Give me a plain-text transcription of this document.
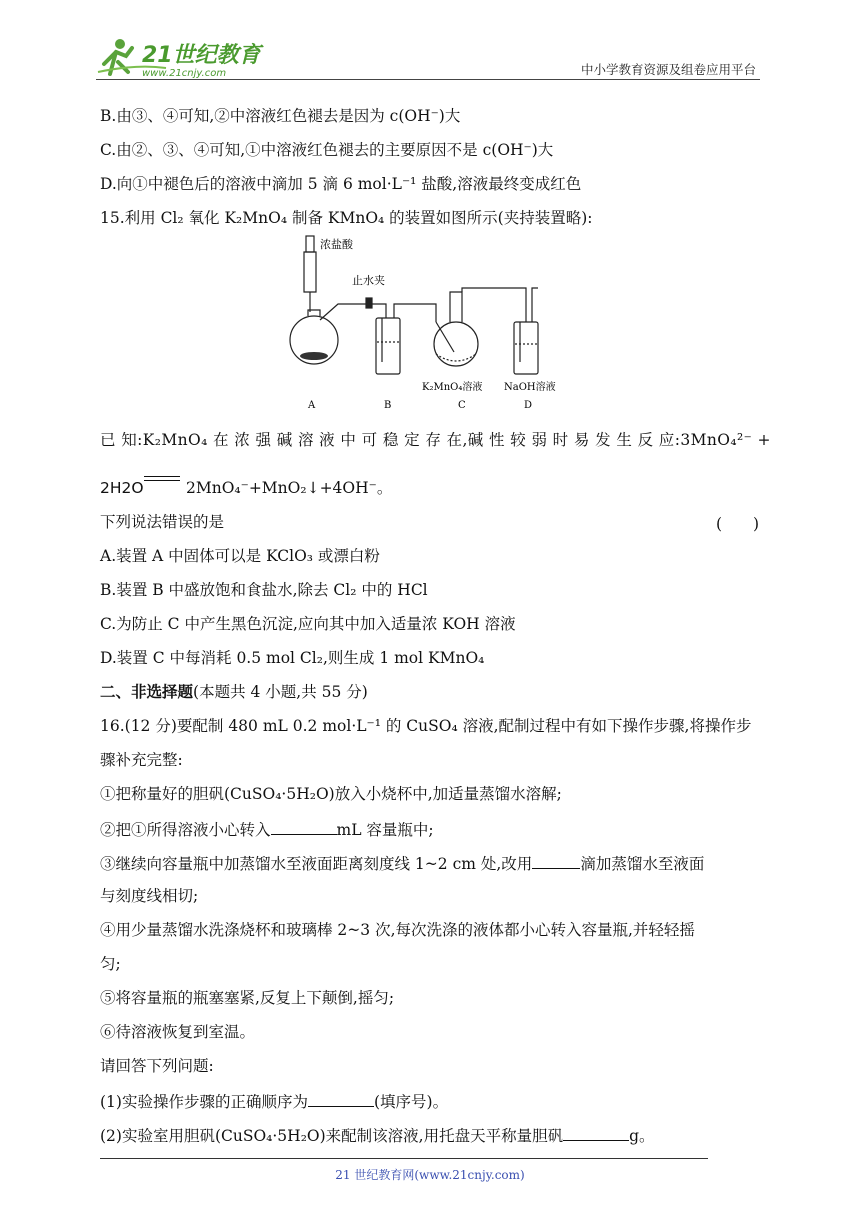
21世纪教育
www.21cnjy.com	中小学教育资源及组卷应用平台
B.由③、④可知,②中溶液红色褪去是因为 c(OH⁻)大
C.由②、③、④可知,①中溶液红色褪去的主要原因不是 c(OH⁻)大
D.向①中褪色后的溶液中滴加 5 滴 6 mol·L⁻¹ 盐酸,溶液最终变成红色
15.利用 Cl₂ 氧化 K₂MnO₄ 制备 KMnO₄ 的装置如图所示(夹持装置略):
浓盐酸
止水夹
K₂MnO₄溶液 NaOH溶液
A	B	C	D
已 知:K₂MnO₄ 在 浓 强 碱 溶 液 中 可 稳 定 存 在,碱 性 较 弱 时 易 发 生 反 应:3MnO₄²⁻ +
2H2O	2MnO₄⁻+MnO₂↓+4OH⁻。
下列说法错误的是	(　　)
A.装置 A 中固体可以是 KClO₃ 或漂白粉
B.装置 B 中盛放饱和食盐水,除去 Cl₂ 中的 HCl
C.为防止 C 中产生黑色沉淀,应向其中加入适量浓 KOH 溶液
D.装置 C 中每消耗 0.5 mol Cl₂,则生成 1 mol KMnO₄
二、非选择题(本题共 4 小题,共 55 分)
16.(12 分)要配制 480 mL 0.2 mol·L⁻¹ 的 CuSO₄ 溶液,配制过程中有如下操作步骤,将操作步
骤补充完整:
①把称量好的胆矾(CuSO₄·5H₂O)放入小烧杯中,加适量蒸馏水溶解;
②把①所得溶液小心转入	mL 容量瓶中;
③继续向容量瓶中加蒸馏水至液面距离刻度线 1~2 cm 处,改用	滴加蒸馏水至液面
与刻度线相切;
④用少量蒸馏水洗涤烧杯和玻璃棒 2~3 次,每次洗涤的液体都小心转入容量瓶,并轻轻摇
匀;
⑤将容量瓶的瓶塞塞紧,反复上下颠倒,摇匀;
⑥待溶液恢复到室温。
请回答下列问题:
(1)实验操作步骤的正确顺序为	(填序号)。
(2)实验室用胆矾(CuSO₄·5H₂O)来配制该溶液,用托盘天平称量胆矾	g。
21 世纪教育网(www.21cnjy.com)
